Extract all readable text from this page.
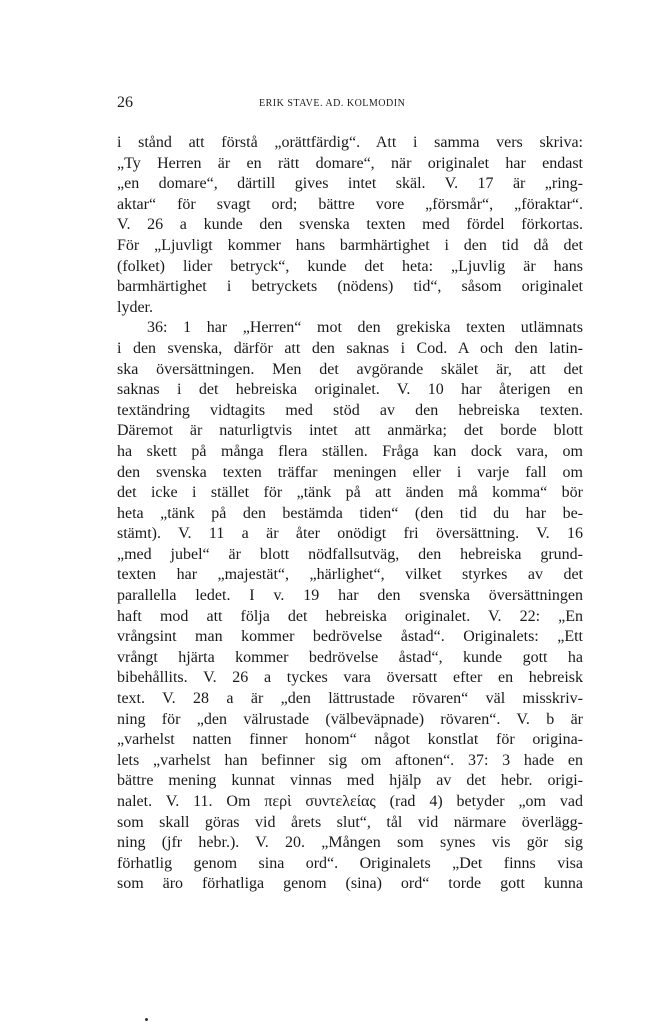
26	ERIK STAVE. AD. KOLMODIN
i stånd att förstå „orättfärdig“. Att i samma vers skriva:
„Ty Herren är en rätt domare“, när originalet har endast
„en domare“, därtill gives intet skäl. V. 17 är „ring-
aktar“ för svagt ord; bättre vore „försmår“, „föraktar“.
V. 26 a kunde den svenska texten med fördel förkortas.
För „Ljuvligt kommer hans barmhärtighet i den tid då det
(folket) lider betryck“, kunde det heta: „Ljuvlig är hans
barmhärtighet i betryckets (nödens) tid“, såsom originalet
lyder.
36: 1 har „Herren“ mot den grekiska texten utlämnats
i den svenska, därför att den saknas i Cod. A och den latin-
ska översättningen. Men det avgörande skälet är, att det
saknas i det hebreiska originalet. V. 10 har återigen en
textändring vidtagits med stöd av den hebreiska texten.
Däremot är naturligtvis intet att anmärka; det borde blott
ha skett på många flera ställen. Fråga kan dock vara, om
den svenska texten träffar meningen eller i varje fall om
det icke i stället för „tänk på att änden må komma“ bör
heta „tänk på den bestämda tiden“ (den tid du har be-
stämt). V. 11 a är åter onödigt fri översättning. V. 16
„med jubel“ är blott nödfallsutväg, den hebreiska grund-
texten har „majestät“, „härlighet“, vilket styrkes av det
parallella ledet. I v. 19 har den svenska översättningen
haft mod att följa det hebreiska originalet. V. 22: „En
vrångsint man kommer bedrövelse åstad“. Originalets: „Ett
vrångt hjärta kommer bedrövelse åstad“, kunde gott ha
bibehållits. V. 26 a tyckes vara översatt efter en hebreisk
text. V. 28 a är „den lättrustade rövaren“ väl misskriv-
ning för „den välrustade (välbeväpnade) rövaren“. V. b är
„varhelst natten finner honom“ något konstlat för origina-
lets „varhelst han befinner sig om aftonen“. 37: 3 hade en
bättre mening kunnat vinnas med hjälp av det hebr. origi-
nalet. V. 11. Om περὶ συντελείας (rad 4) betyder „om vad
som skall göras vid årets slut“, tål vid närmare överlägg-
ning (jfr hebr.). V. 20. „Mången som synes vis gör sig
förhatlig genom sina ord“. Originalets „Det finns visa
som äro förhatliga genom (sina) ord“ torde gott kunna
